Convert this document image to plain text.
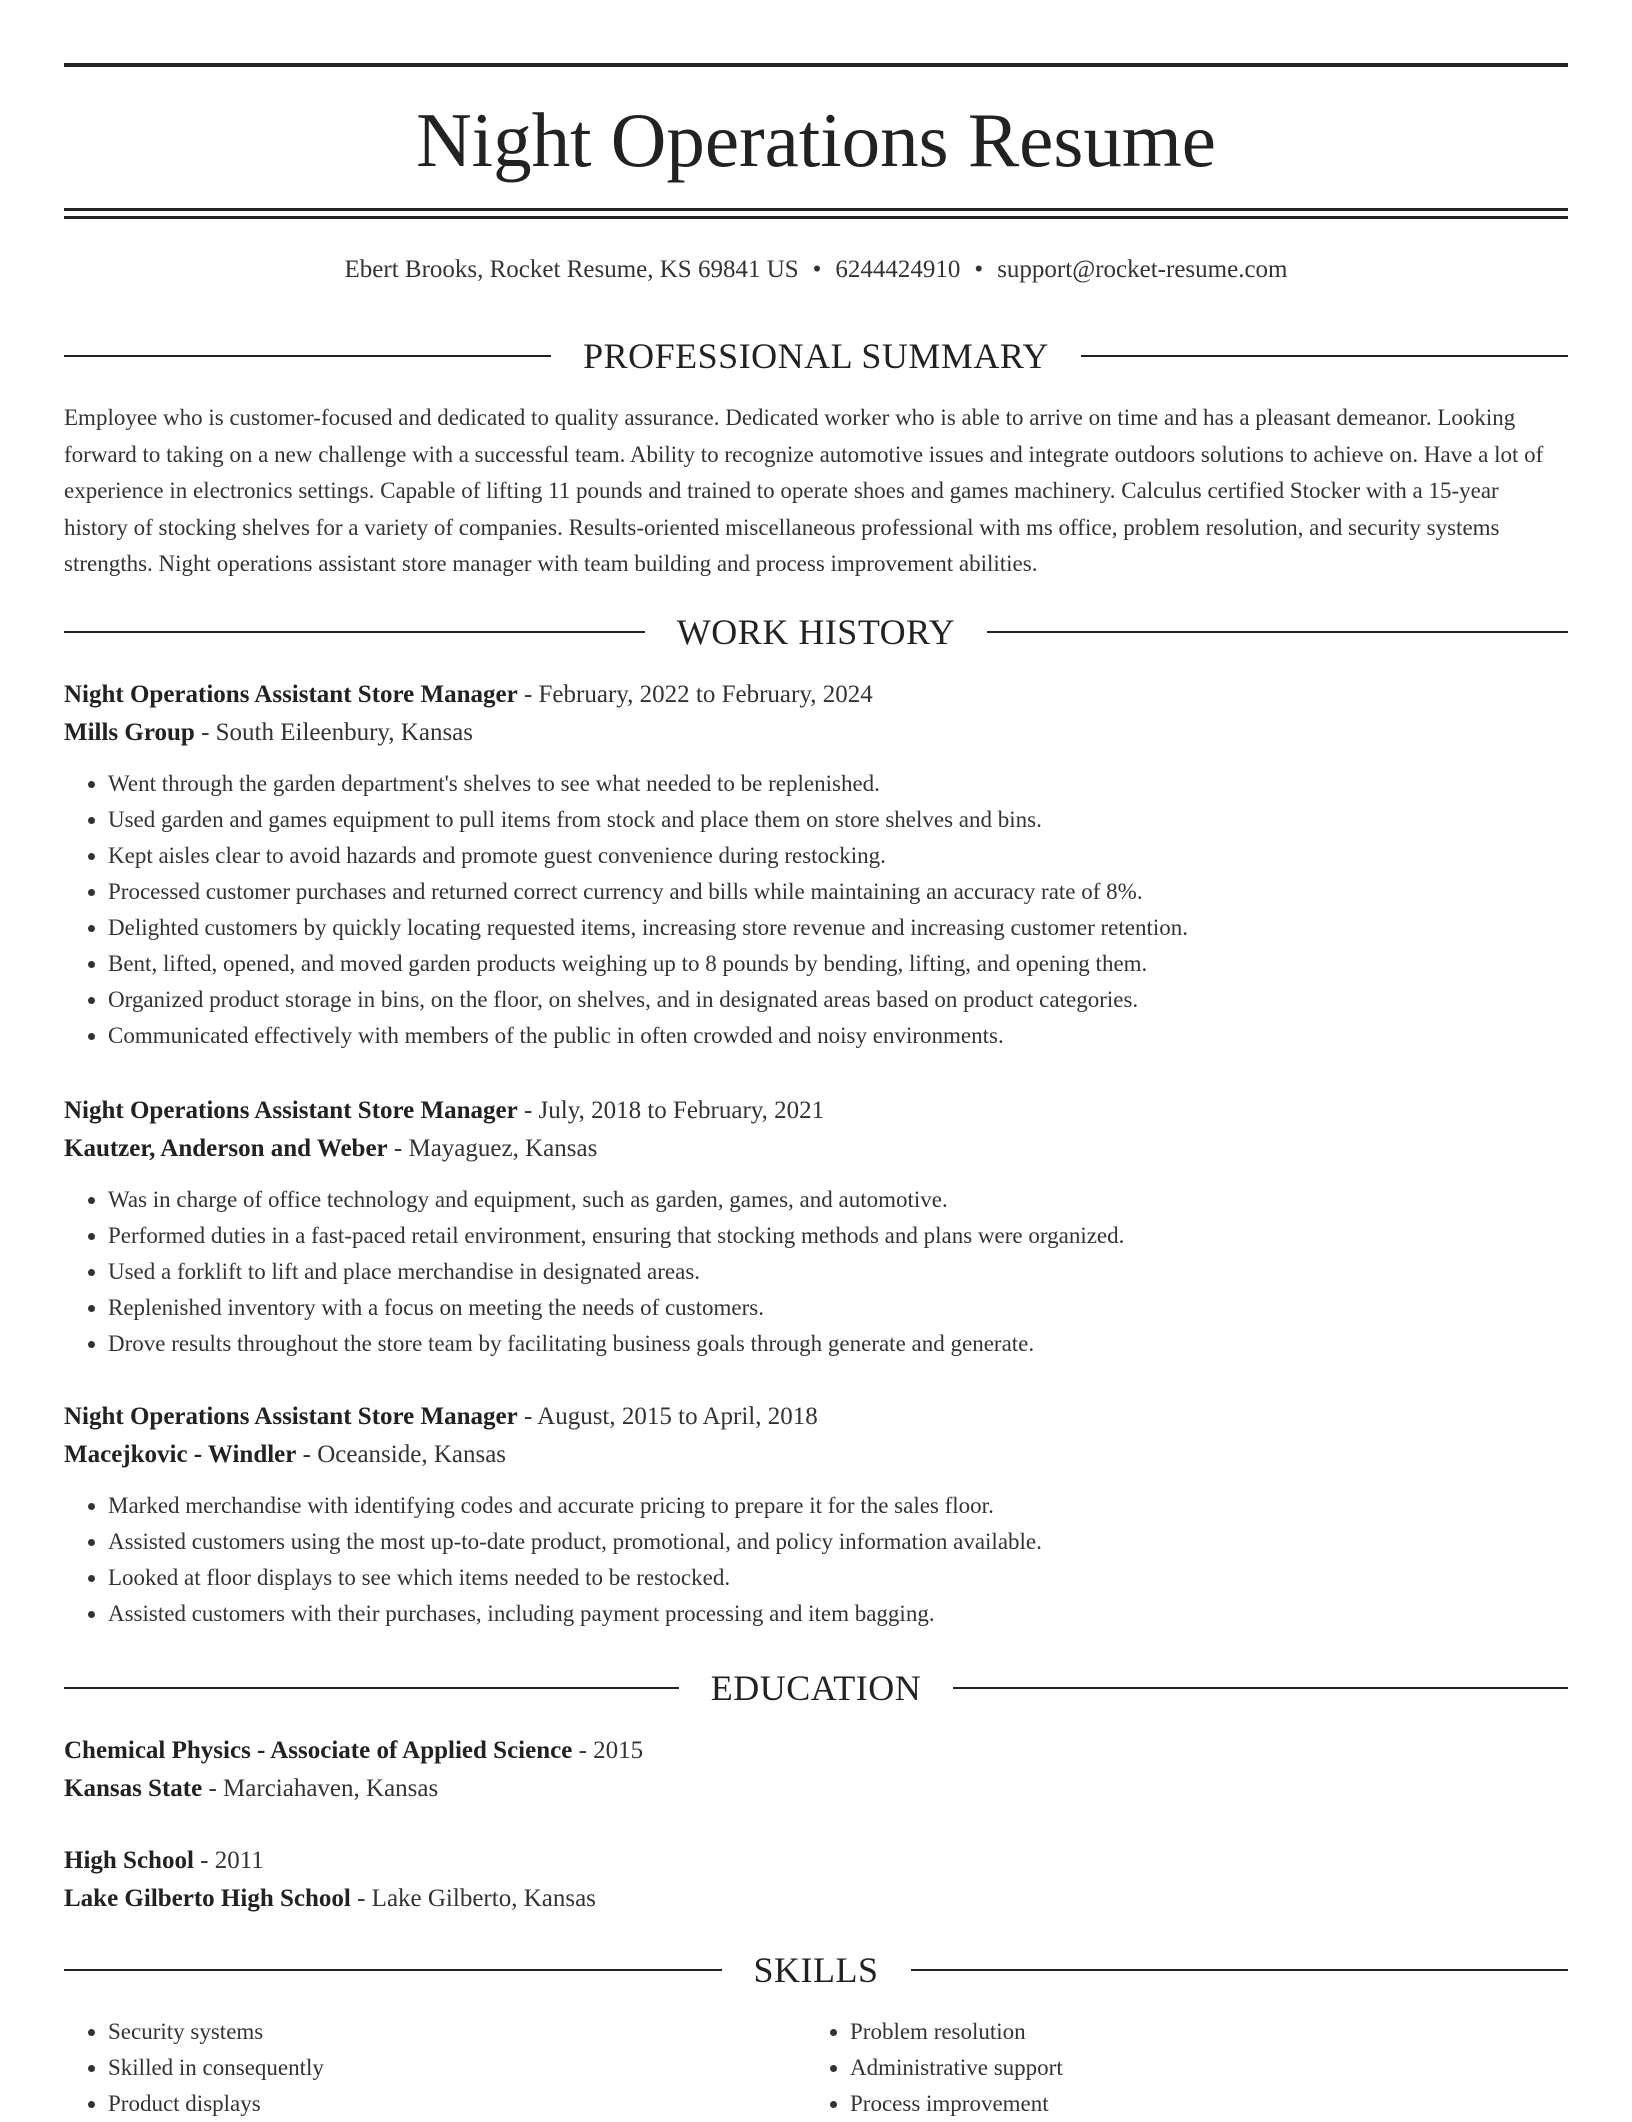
Night Operations Resume
Ebert Brooks, Rocket Resume, KS 69841 US • 6244424910 • support@rocket-resume.com
PROFESSIONAL SUMMARY

Employee who is customer-focused and dedicated to quality assurance. Dedicated worker who is able to arrive on time and has a pleasant demeanor. Looking forward to taking on a new challenge with a successful team. Ability to recognize automotive issues and integrate outdoors solutions to achieve on. Have a lot of experience in electronics settings. Capable of lifting 11 pounds and trained to operate shoes and games machinery. Calculus certified Stocker with a 15-year history of stocking shelves for a variety of companies. Results-oriented miscellaneous professional with ms office, problem resolution, and security systems strengths. Night operations assistant store manager with team building and process improvement abilities.

WORK HISTORY
Night Operations Assistant Store Manager - February, 2022 to February, 2024
Mills Group - South Eileenbury, Kansas
• Went through the garden department's shelves to see what needed to be replenished.
• Used garden and games equipment to pull items from stock and place them on store shelves and bins.
• Kept aisles clear to avoid hazards and promote guest convenience during restocking.
• Processed customer purchases and returned correct currency and bills while maintaining an accuracy rate of 8%.
• Delighted customers by quickly locating requested items, increasing store revenue and increasing customer retention.
• Bent, lifted, opened, and moved garden products weighing up to 8 pounds by bending, lifting, and opening them.
• Organized product storage in bins, on the floor, on shelves, and in designated areas based on product categories.
• Communicated effectively with members of the public in often crowded and noisy environments.
Night Operations Assistant Store Manager - July, 2018 to February, 2021
Kautzer, Anderson and Weber - Mayaguez, Kansas
• Was in charge of office technology and equipment, such as garden, games, and automotive.
• Performed duties in a fast-paced retail environment, ensuring that stocking methods and plans were organized.
• Used a forklift to lift and place merchandise in designated areas.
• Replenished inventory with a focus on meeting the needs of customers.
• Drove results throughout the store team by facilitating business goals through generate and generate.
Night Operations Assistant Store Manager - August, 2015 to April, 2018
Macejkovic - Windler - Oceanside, Kansas
• Marked merchandise with identifying codes and accurate pricing to prepare it for the sales floor.
• Assisted customers using the most up-to-date product, promotional, and policy information available.
• Looked at floor displays to see which items needed to be restocked.
• Assisted customers with their purchases, including payment processing and item bagging.
EDUCATION
Chemical Physics - Associate of Applied Science - 2015
Kansas State - Marciahaven, Kansas
High School - 2011
Lake Gilberto High School - Lake Gilberto, Kansas
SKILLS
• Security systems
• Skilled in consequently
• Product displays
• Problem resolution
• Administrative support
• Process improvement
